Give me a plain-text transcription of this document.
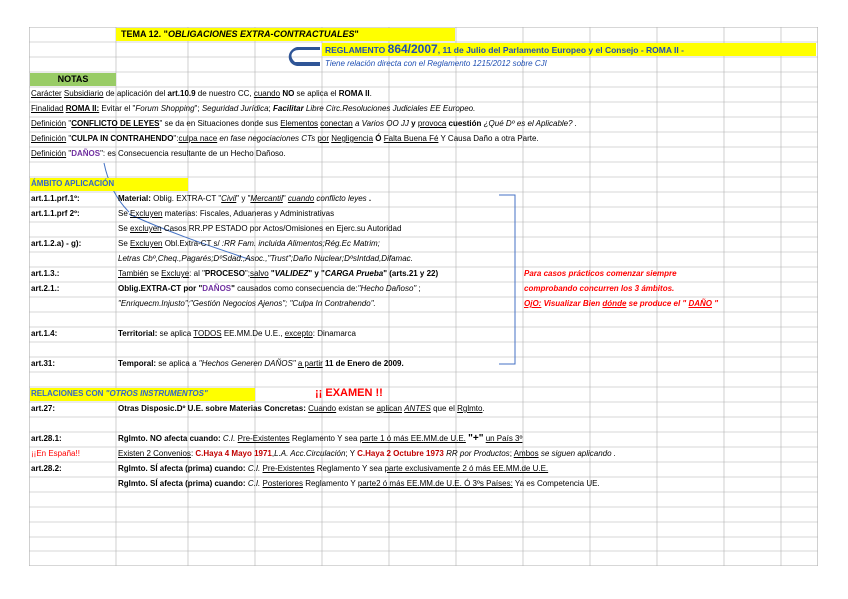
TEMA 12. "OBLIGACIONES EXTRA-CONTRACTUALES"
REGLAMENTO 864/2007, 11 de Julio del Parlamento Europeo y el Consejo - ROMA II -
Tiene relación directa con el Reglamento 1215/2012 sobre CJI
NOTAS
Carácter Subsidiario de aplicación del art.10.9 de nuestro CC, cuando NO se aplica el ROMA II.
Finalidad ROMA II: Evitar el "Forum Shopping"; Seguridad Jurídica; Facilitar Libre Circ.Resoluciones Judiciales EE Europeo.
Definición "CONFLICTO DE LEYES" se da en Situaciones donde sus Elementos conectan a Varios OO JJ y provoca cuestión ¿Qué Dº es el Aplicable? .
Definición "CULPA IN CONTRAHENDO":culpa nace en fase negociaciones CTs por Negligencia Ó Falta Buena Fé Y Causa Daño a otra Parte.
Definición "DAÑOS": es Consecuencia resultante de un Hecho Dañoso.
ÁMBITO APLICACIÓN
art.1.1.prf.1º:	Material: Oblig. EXTRA-CT "Civil" y "Mercantil" cuando conflicto leyes .
art.1.1.prf 2º:	Se Excluyen materias: Fiscales, Aduaneras y Administrativas
Se excluyen Casos RR.PP ESTADO por Actos/Omisiones en Ejerc.su Autoridad
art.1.2.a) - g):	Se Excluyen Obl.Extra-CT s/ :RR Fam. incluida Alimentos;Rég.Ec Matrim;
Letras Cbº,Cheq.,Pagarés;DºSdad.,Asoc.,"Trust";Daño Nuclear;DºsIntdad,Difamac.
art.1.3.:	También se Excluye: al "PROCESO";salvo "VALIDEZ" y "CARGA Prueba" (arts.21 y 22)
art.2.1.:	Oblig.EXTRA-CT por "DAÑOS" causados como consecuencia de:"Hecho Dañoso" ;
"Enriquecm.Injusto";"Gestión Negocios Ajenos"; "Culpa In Contrahendo".
art.1.4:	Territorial: se aplica TODOS EE.MM.De U.E., excepto: Dinamarca
art.31:	Temporal: se aplica a "Hechos Generen DAÑOS" a partir 11 de Enero de 2009.
Para casos prácticos comenzar siempre
comprobando concurren los 3 ámbitos.
OjO: Visualizar Bien dónde se produce el " DAÑO "
RELACIONES CON "OTROS INSTRUMENTOS"	¡¡ EXAMEN !!
art.27:	Otras Disposic.Dº U.E. sobre Materias Concretas: Cuando existan se aplican ANTES que el Rglmto.
art.28.1:	Rglmto. NO afecta cuando: C.I. Pre-Existentes Reglamento Y sea parte 1 ó más EE.MM.de U.E. "+" un País 3º
¡¡En España!!	Existen 2 Convenios: C.Haya 4 Mayo 1971,L.A. Acc.Circulación; Y C.Haya 2 Octubre 1973 RR por Productos; Ambos se siguen aplicando .
art.28.2:	Rglmto. SÍ afecta (prima) cuando: C.I. Pre-Existentes Reglamento Y sea parte exclusivamente 2 ó más EE.MM.de U.E.
Rglmto. SÍ afecta (prima) cuando: C.I. Posteriores Reglamento Y parte2 ó más EE.MM.de U.E. Ó 3ºs Países: Ya es Competencia UE.
